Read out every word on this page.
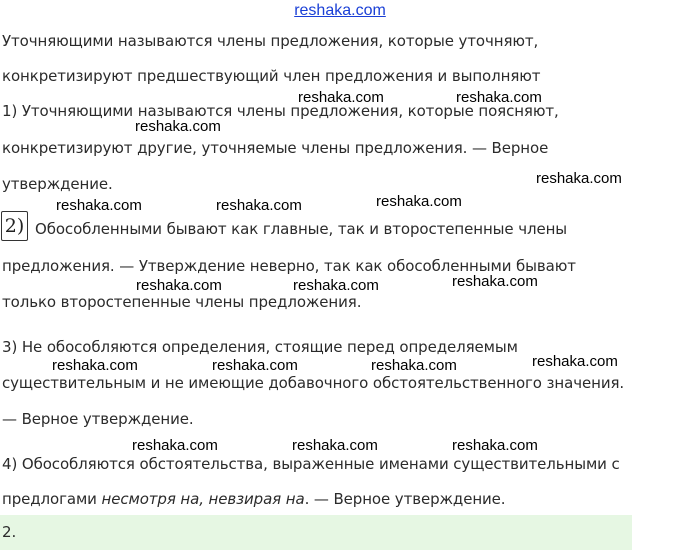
reshaka.com
Уточняющими называются члены предложения, которые уточняют,
конкретизируют предшествующий член предложения и выполняют
1) Уточняющими называются члены предложения, которые поясняют,
конкретизируют другие, уточняемые члены предложения. — Верное
утверждение.
2) Обособленными бывают как главные, так и второстепенные члены
предложения. — Утверждение неверно, так как обособленными бывают
только второстепенные члены предложения.
3) Не обособляются определения, стоящие перед определяемым
существительным и не имеющие добавочного обстоятельственного значения.
— Верное утверждение.
4) Обособляются обстоятельства, выраженные именами существительными с
предлогами несмотря на, невзирая на. — Верное утверждение.
2.
reshaka.com	reshaka.com
reshaka.com
reshaka.com
reshaka.com	reshaka.com	reshaka.com
reshaka.com	reshaka.com	reshaka.com
reshaka.com	reshaka.com	reshaka.com	reshaka.com
reshaka.com	reshaka.com	reshaka.com
